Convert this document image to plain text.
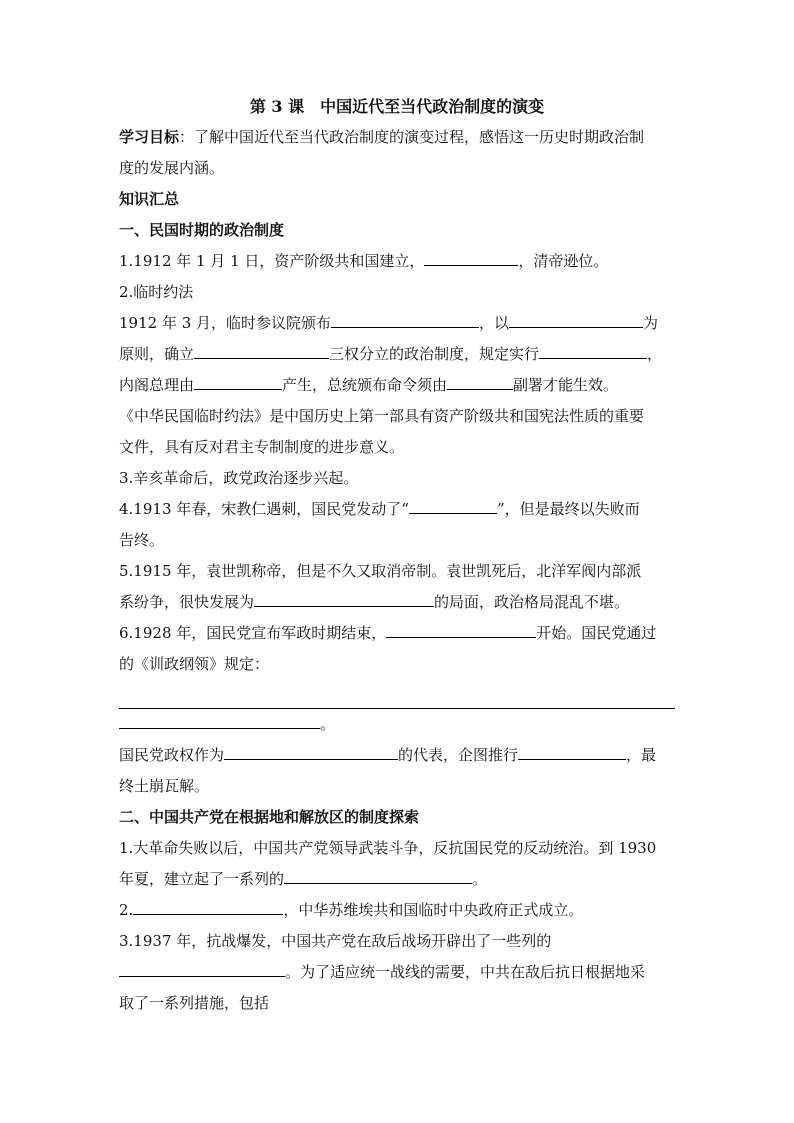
第 3 课　中国近代至当代政治制度的演变
学习目标：了解中国近代至当代政治制度的演变过程，感悟这一历史时期政治制
度的发展内涵。
知识汇总
一、民国时期的政治制度
1.1912 年 1 月 1 日，资产阶级共和国建立，	，清帝逊位。
2.临时约法
1912 年 3 月，临时参议院颁布	，以	为
原则，确立	三权分立的政治制度，规定实行	，
内阁总理由	产生，总统颁布命令须由	副署才能生效。
《中华民国临时约法》是中国历史上第一部具有资产阶级共和国宪法性质的重要
文件，具有反对君主专制制度的进步意义。
3.辛亥革命后，政党政治逐步兴起。
4.1913 年春，宋教仁遇刺，国民党发动了“	”，但是最终以失败而
告终。
5.1915 年，袁世凯称帝，但是不久又取消帝制。袁世凯死后，北洋军阀内部派
系纷争，很快发展为	的局面，政治格局混乱不堪。
6.1928 年，国民党宣布军政时期结束，	开始。国民党通过
的《训政纲领》规定：
。
国民党政权作为	的代表，企图推行	，最
终土崩瓦解。
二、中国共产党在根据地和解放区的制度探索
1.大革命失败以后，中国共产党领导武装斗争，反抗国民党的反动统治。到 1930
年夏，建立起了一系列的	。
2.	，中华苏维埃共和国临时中央政府正式成立。
3.1937 年，抗战爆发，中国共产党在敌后战场开辟出了一些列的
。为了适应统一战线的需要，中共在敌后抗日根据地采
取了一系列措施，包括
